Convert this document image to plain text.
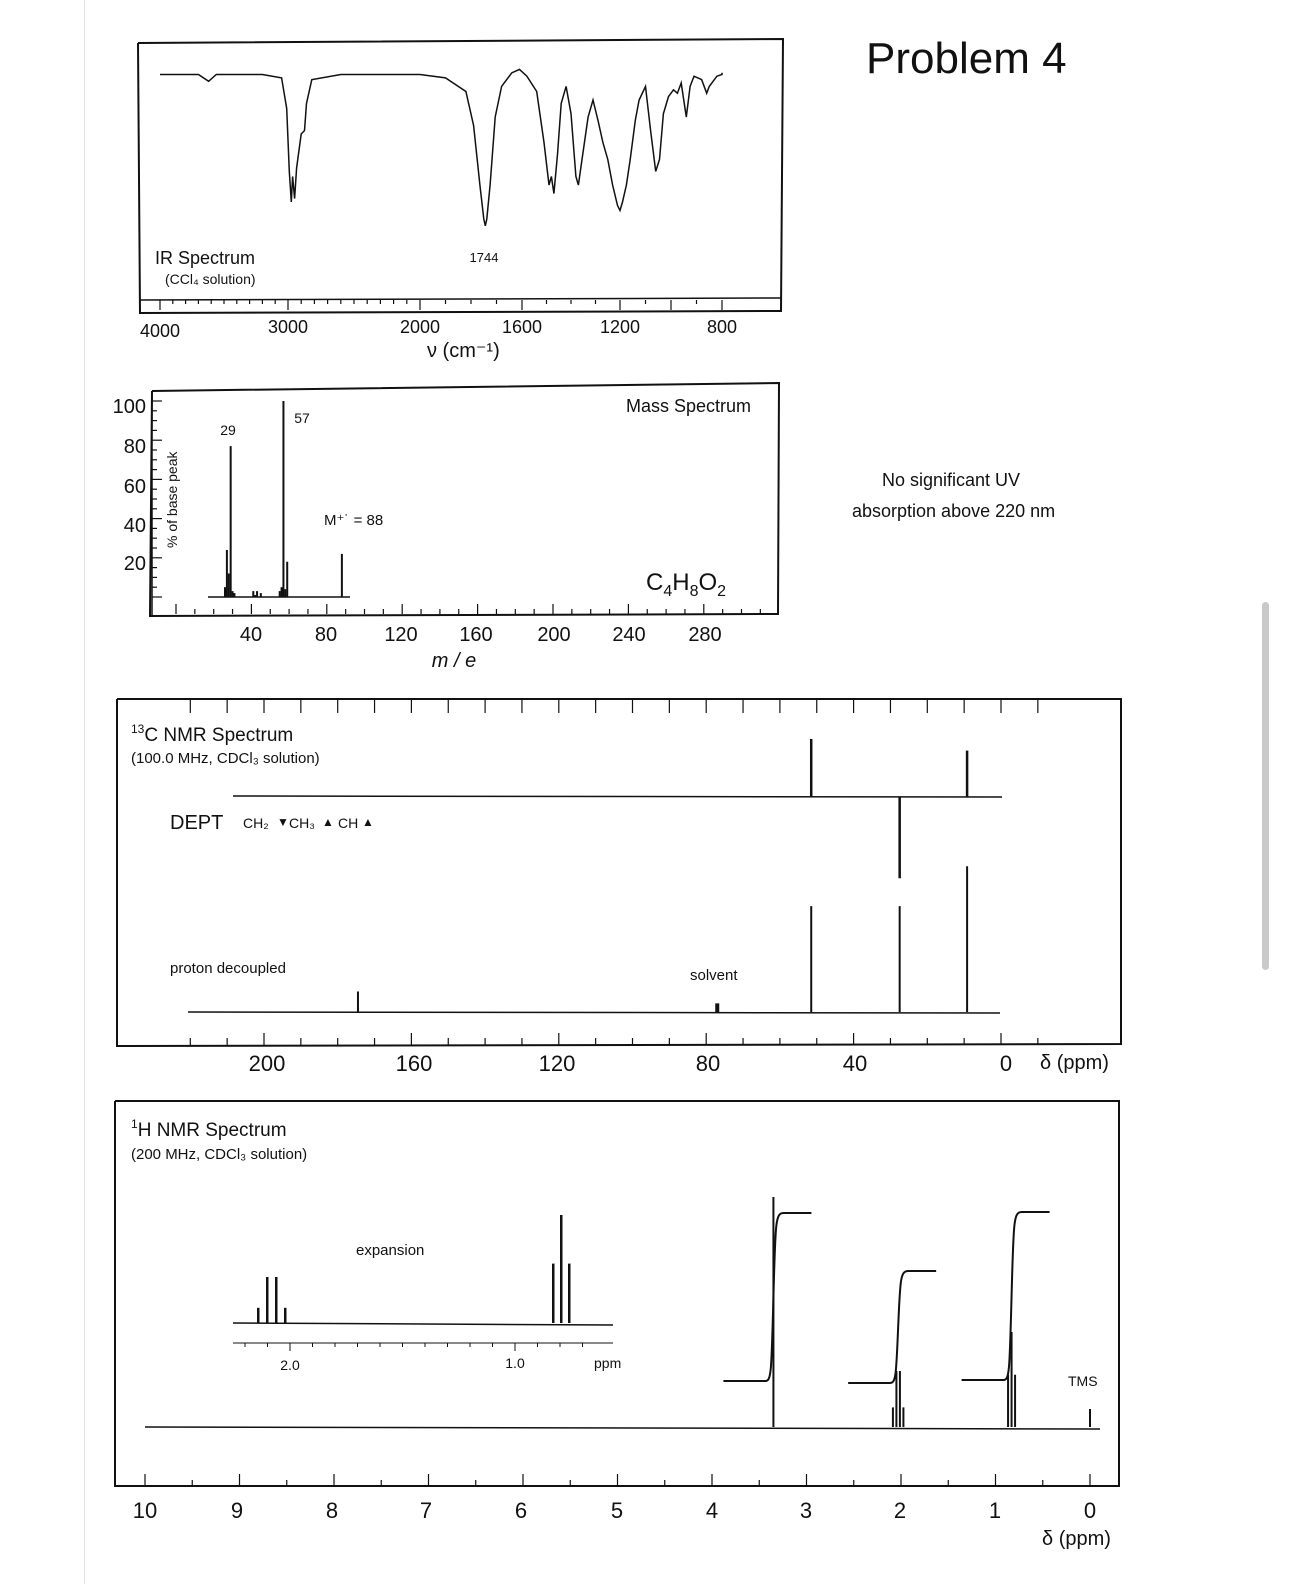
Problem 4
No significant UV
absorption above 220 nm
IR Spectrum
(CCl₄ solution)
ν (cm⁻¹)
4000	3000	2000	1600	1200	800
1744
Mass Spectrum
m / e
% of base peak	M⁺˙ = 88
$C_4H_8O_2$
29
57
40	80 120 160 200 240 280
20
40
60
80
100
$^{13}$C NMR Spectrum
(100.0 MHz, CDCl₃ solution)
DEPT CH₂ ▼ CH₃ ▲ CH ▲
proton decoupled	solvent
200	160	120	80	40	0 δ (ppm)
$^1$H NMR Spectrum
(200 MHz, CDCl₃ solution)
expansion
2.0	1.0	ppm
TMS
10	9	8	7	6	5	4	3	2	1	0
δ (ppm)
